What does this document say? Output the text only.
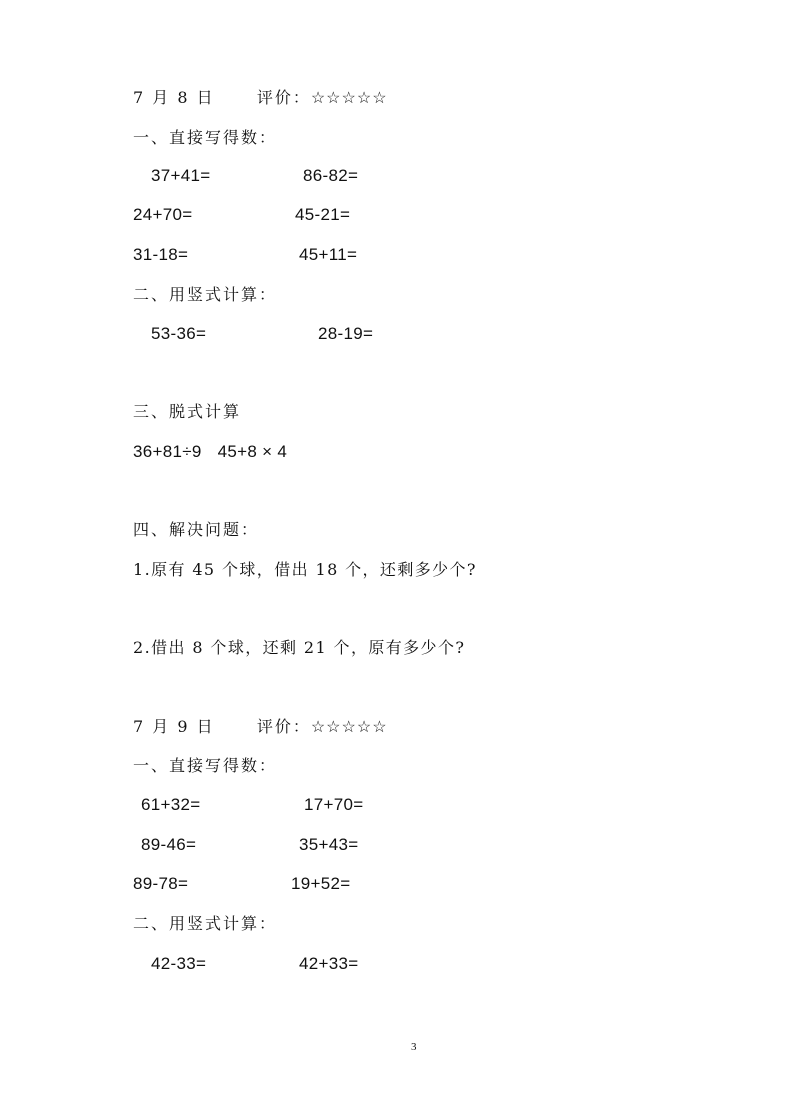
7 月 8 日	评价：☆☆☆☆☆
一、直接写得数：
37+41=	86-82=
24+70=	45-21=
31-18=	45+11=
二、用竖式计算：
53-36=	28-19=
三、脱式计算
36+81÷9 45+8 × 4
四、解决问题：
1.原有 45 个球，借出 18 个，还剩多少个?
2.借出 8 个球，还剩 21 个，原有多少个?
7 月 9 日	评价：☆☆☆☆☆
一、直接写得数：
61+32=	17+70=
89-46=	35+43=
89-78=	19+52=
二、用竖式计算：
42-33=	42+33=
3
